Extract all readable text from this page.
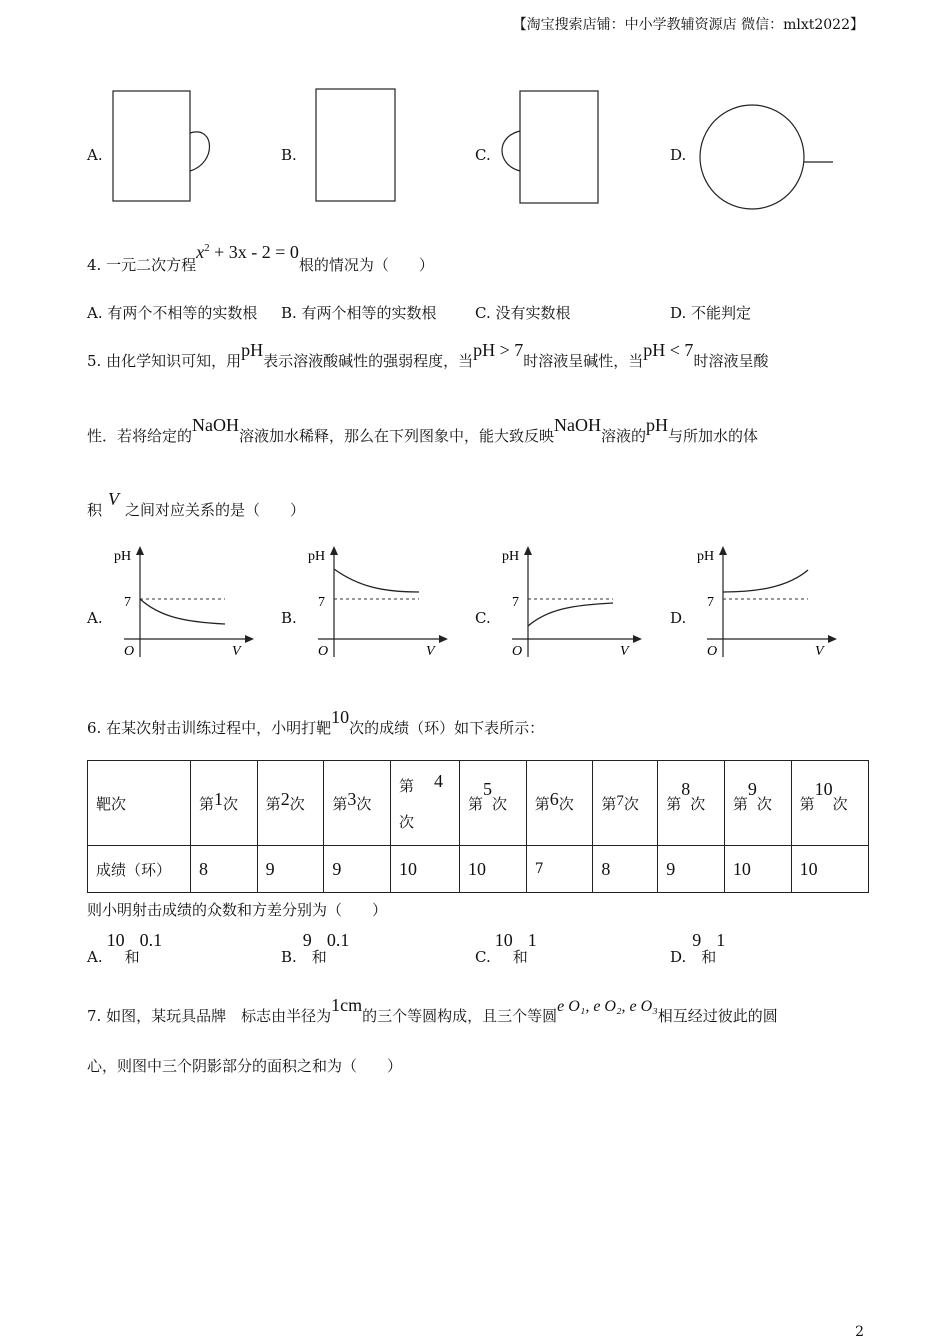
【淘宝搜索店铺：中小学教辅资源店 微信：mlxt2022】
A.	B.	C.	D.
4. 一元二次方程$x^2 + 3x - 2 = 0$根的情况为（　　）
A. 有两个不相等的实数根 B. 有两个相等的实数根	C. 没有实数根	D. 不能判定
5. 由化学知识可知，用pH表示溶液酸碱性的强弱程度，当pH > 7时溶液呈碱性，当pH < 7时溶液呈酸
性．若将给定的NaOH溶液加水稀释，那么在下列图象中，能大致反映NaOH溶液的pH与所加水的体
积V之间对应关系的是（　　）
A.
pH
7
O	V
B.
pH
7
O	V
C.
pH
7
O	V
D.
pH
7
O	V
6. 在某次射击训练过程中，小明打靶10次的成绩（环）如下表所示：
靶次	第1次	第2次	第3次	第 4
次	第5次	第6次	第7次	第8次	第9次	第10次
成绩（环）	8	9	9	10	10	7	8	9	10	10
则小明射击成绩的众数和方差分别为（　　）
A.10和0.1
B.9和0.1
C.10和1
D.9和1
7. 如图，某玩具品牌　标志由半径为1cm的三个等圆构成，且三个等圆e O₁, e O₂, e O₃相互经过彼此的圆
心，则图中三个阴影部分的面积之和为（　　）
2
